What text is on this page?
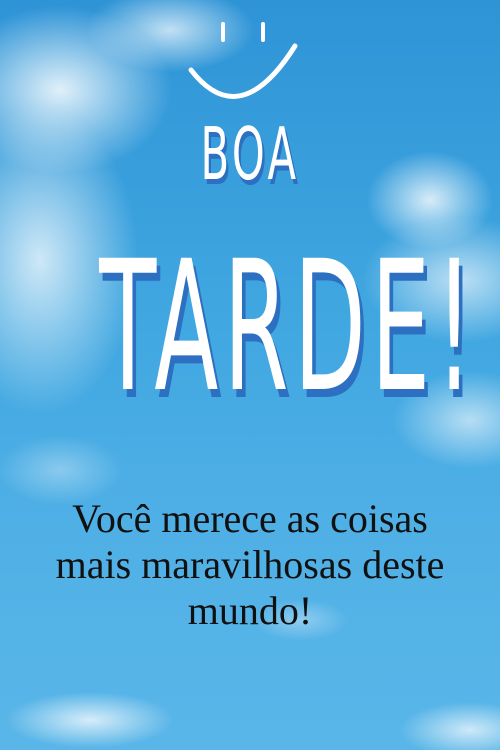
BOA
TARDE!
Você merece as coisas mais maravilhosas deste mundo!
